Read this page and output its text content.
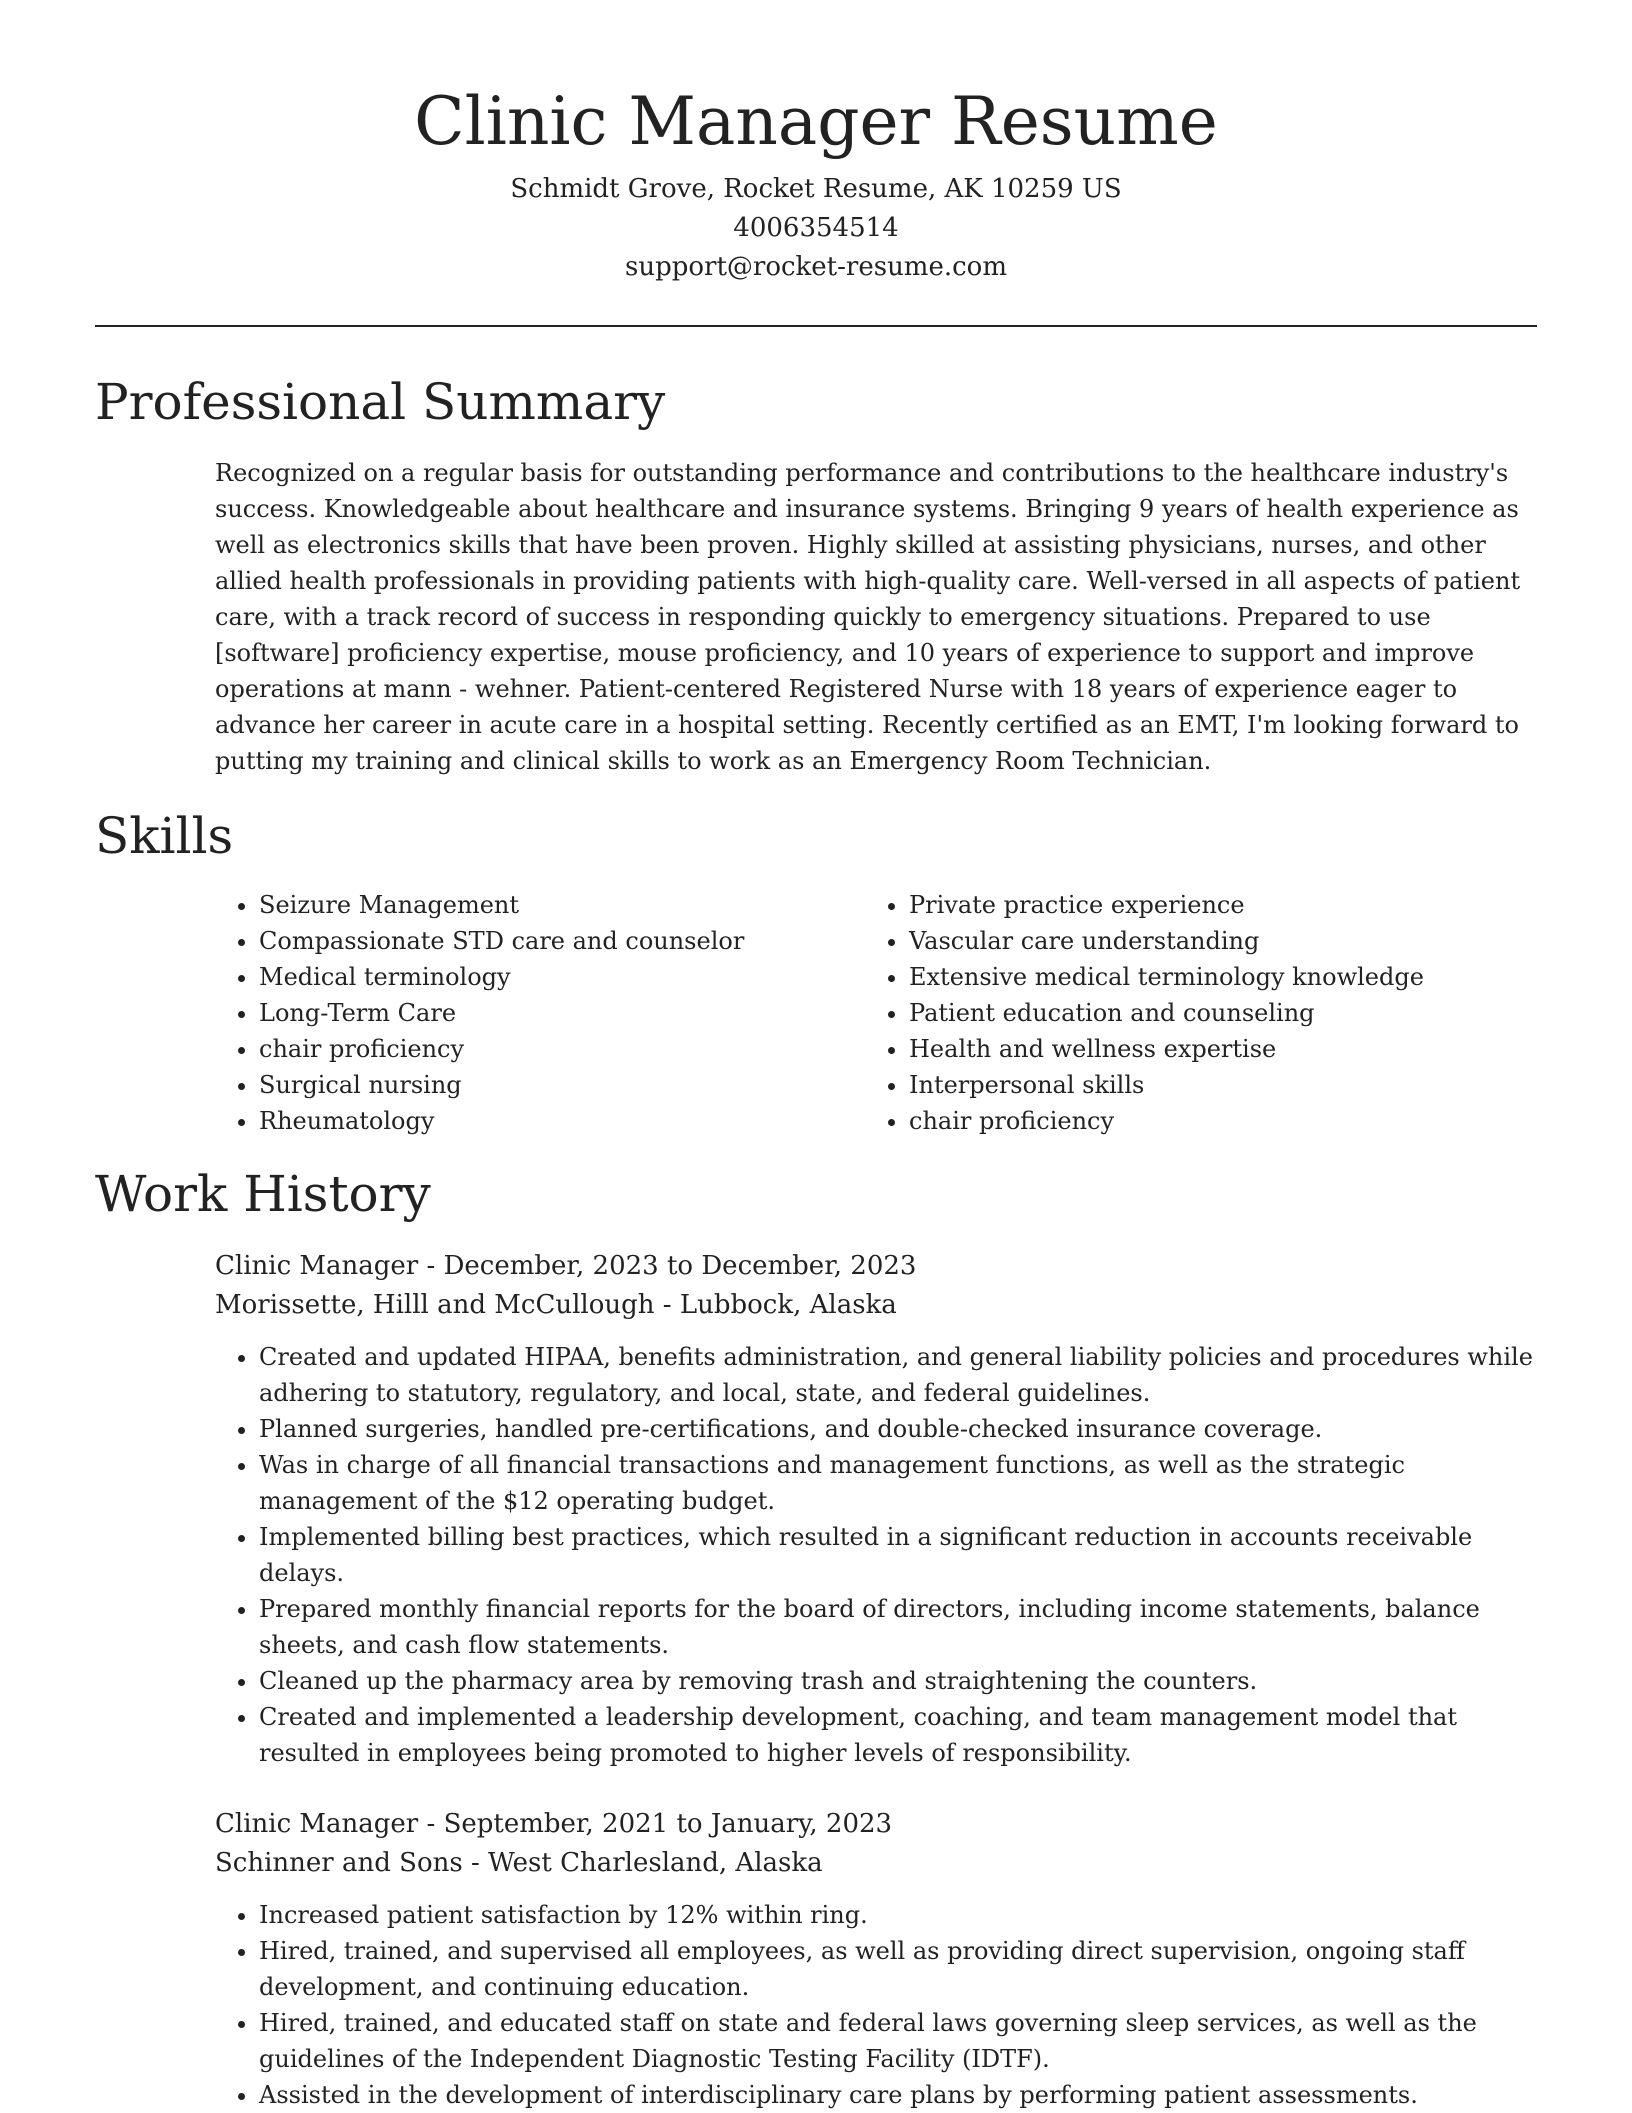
Clinic Manager Resume
Schmidt Grove, Rocket Resume, AK 10259 US
4006354514
support@rocket-resume.com
Professional Summary
Recognized on a regular basis for outstanding performance and contributions to the healthcare industry's success. Knowledgeable about healthcare and insurance systems. Bringing 9 years of health experience as well as electronics skills that have been proven. Highly skilled at assisting physicians, nurses, and other allied health professionals in providing patients with high-quality care. Well-versed in all aspects of patient care, with a track record of success in responding quickly to emergency situations. Prepared to use [software] proficiency expertise, mouse proficiency, and 10 years of experience to support and improve operations at mann - wehner. Patient-centered Registered Nurse with 18 years of experience eager to advance her career in acute care in a hospital setting. Recently certified as an EMT, I'm looking forward to putting my training and clinical skills to work as an Emergency Room Technician.
Skills
• Seizure Management
• Compassionate STD care and counselor
• Medical terminology
• Long-Term Care
• chair proficiency
• Surgical nursing
• Rheumatology
• Private practice experience
• Vascular care understanding
• Extensive medical terminology knowledge
• Patient education and counseling
• Health and wellness expertise
• Interpersonal skills
• chair proficiency
Work History
Clinic Manager - December, 2023 to December, 2023
Morissette, Hilll and McCullough - Lubbock, Alaska
• Created and updated HIPAA, benefits administration, and general liability policies and procedures while adhering to statutory, regulatory, and local, state, and federal guidelines.
• Planned surgeries, handled pre-certifications, and double-checked insurance coverage.
• Was in charge of all financial transactions and management functions, as well as the strategic management of the $12 operating budget.
• Implemented billing best practices, which resulted in a significant reduction in accounts receivable delays.
• Prepared monthly financial reports for the board of directors, including income statements, balance sheets, and cash flow statements.
• Cleaned up the pharmacy area by removing trash and straightening the counters.
• Created and implemented a leadership development, coaching, and team management model that resulted in employees being promoted to higher levels of responsibility.
Clinic Manager - September, 2021 to January, 2023
Schinner and Sons - West Charlesland, Alaska
• Increased patient satisfaction by 12% within ring.
• Hired, trained, and supervised all employees, as well as providing direct supervision, ongoing staff development, and continuing education.
• Hired, trained, and educated staff on state and federal laws governing sleep services, as well as the guidelines of the Independent Diagnostic Testing Facility (IDTF).
• Assisted in the development of interdisciplinary care plans by performing patient assessments.
